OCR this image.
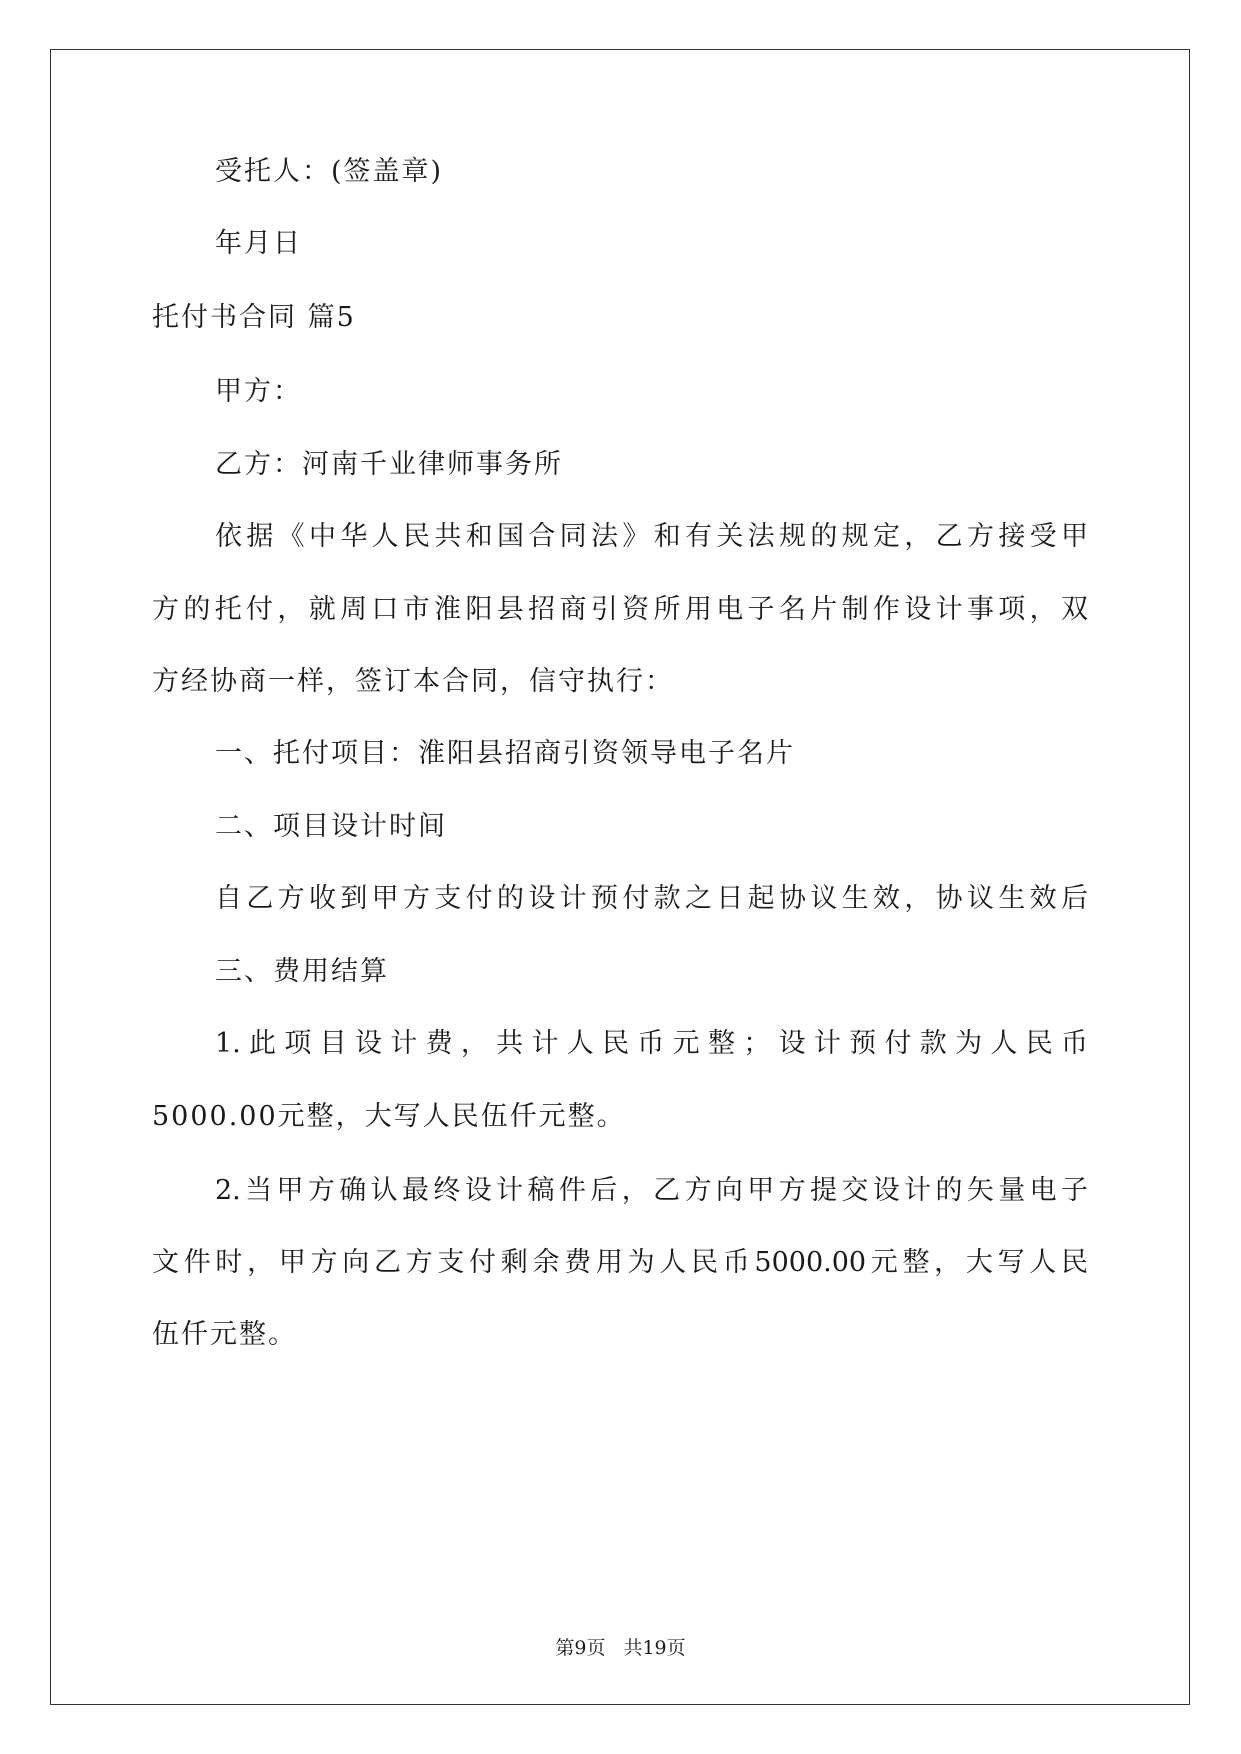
受托人：(签盖章)
年月日
托付书合同 篇5
甲方：
乙方：河南千业律师事务所
依据《中华人民共和国合同法》和有关法规的规定，乙方接受甲
方的托付，就周口市淮阳县招商引资所用电子名片制作设计事项，双
方经协商一样，签订本合同，信守执行：
一、托付项目：淮阳县招商引资领导电子名片
二、项目设计时间
自乙方收到甲方支付的设计预付款之日起协议生效，协议生效后
三、费用结算
1.此项目设计费，共计人民币元整；设计预付款为人民币
5000.00元整，大写人民伍仟元整。
2.当甲方确认最终设计稿件后，乙方向甲方提交设计的矢量电子
文件时，甲方向乙方支付剩余费用为人民币5000.00元整，大写人民
伍仟元整。
第9页 共19页
